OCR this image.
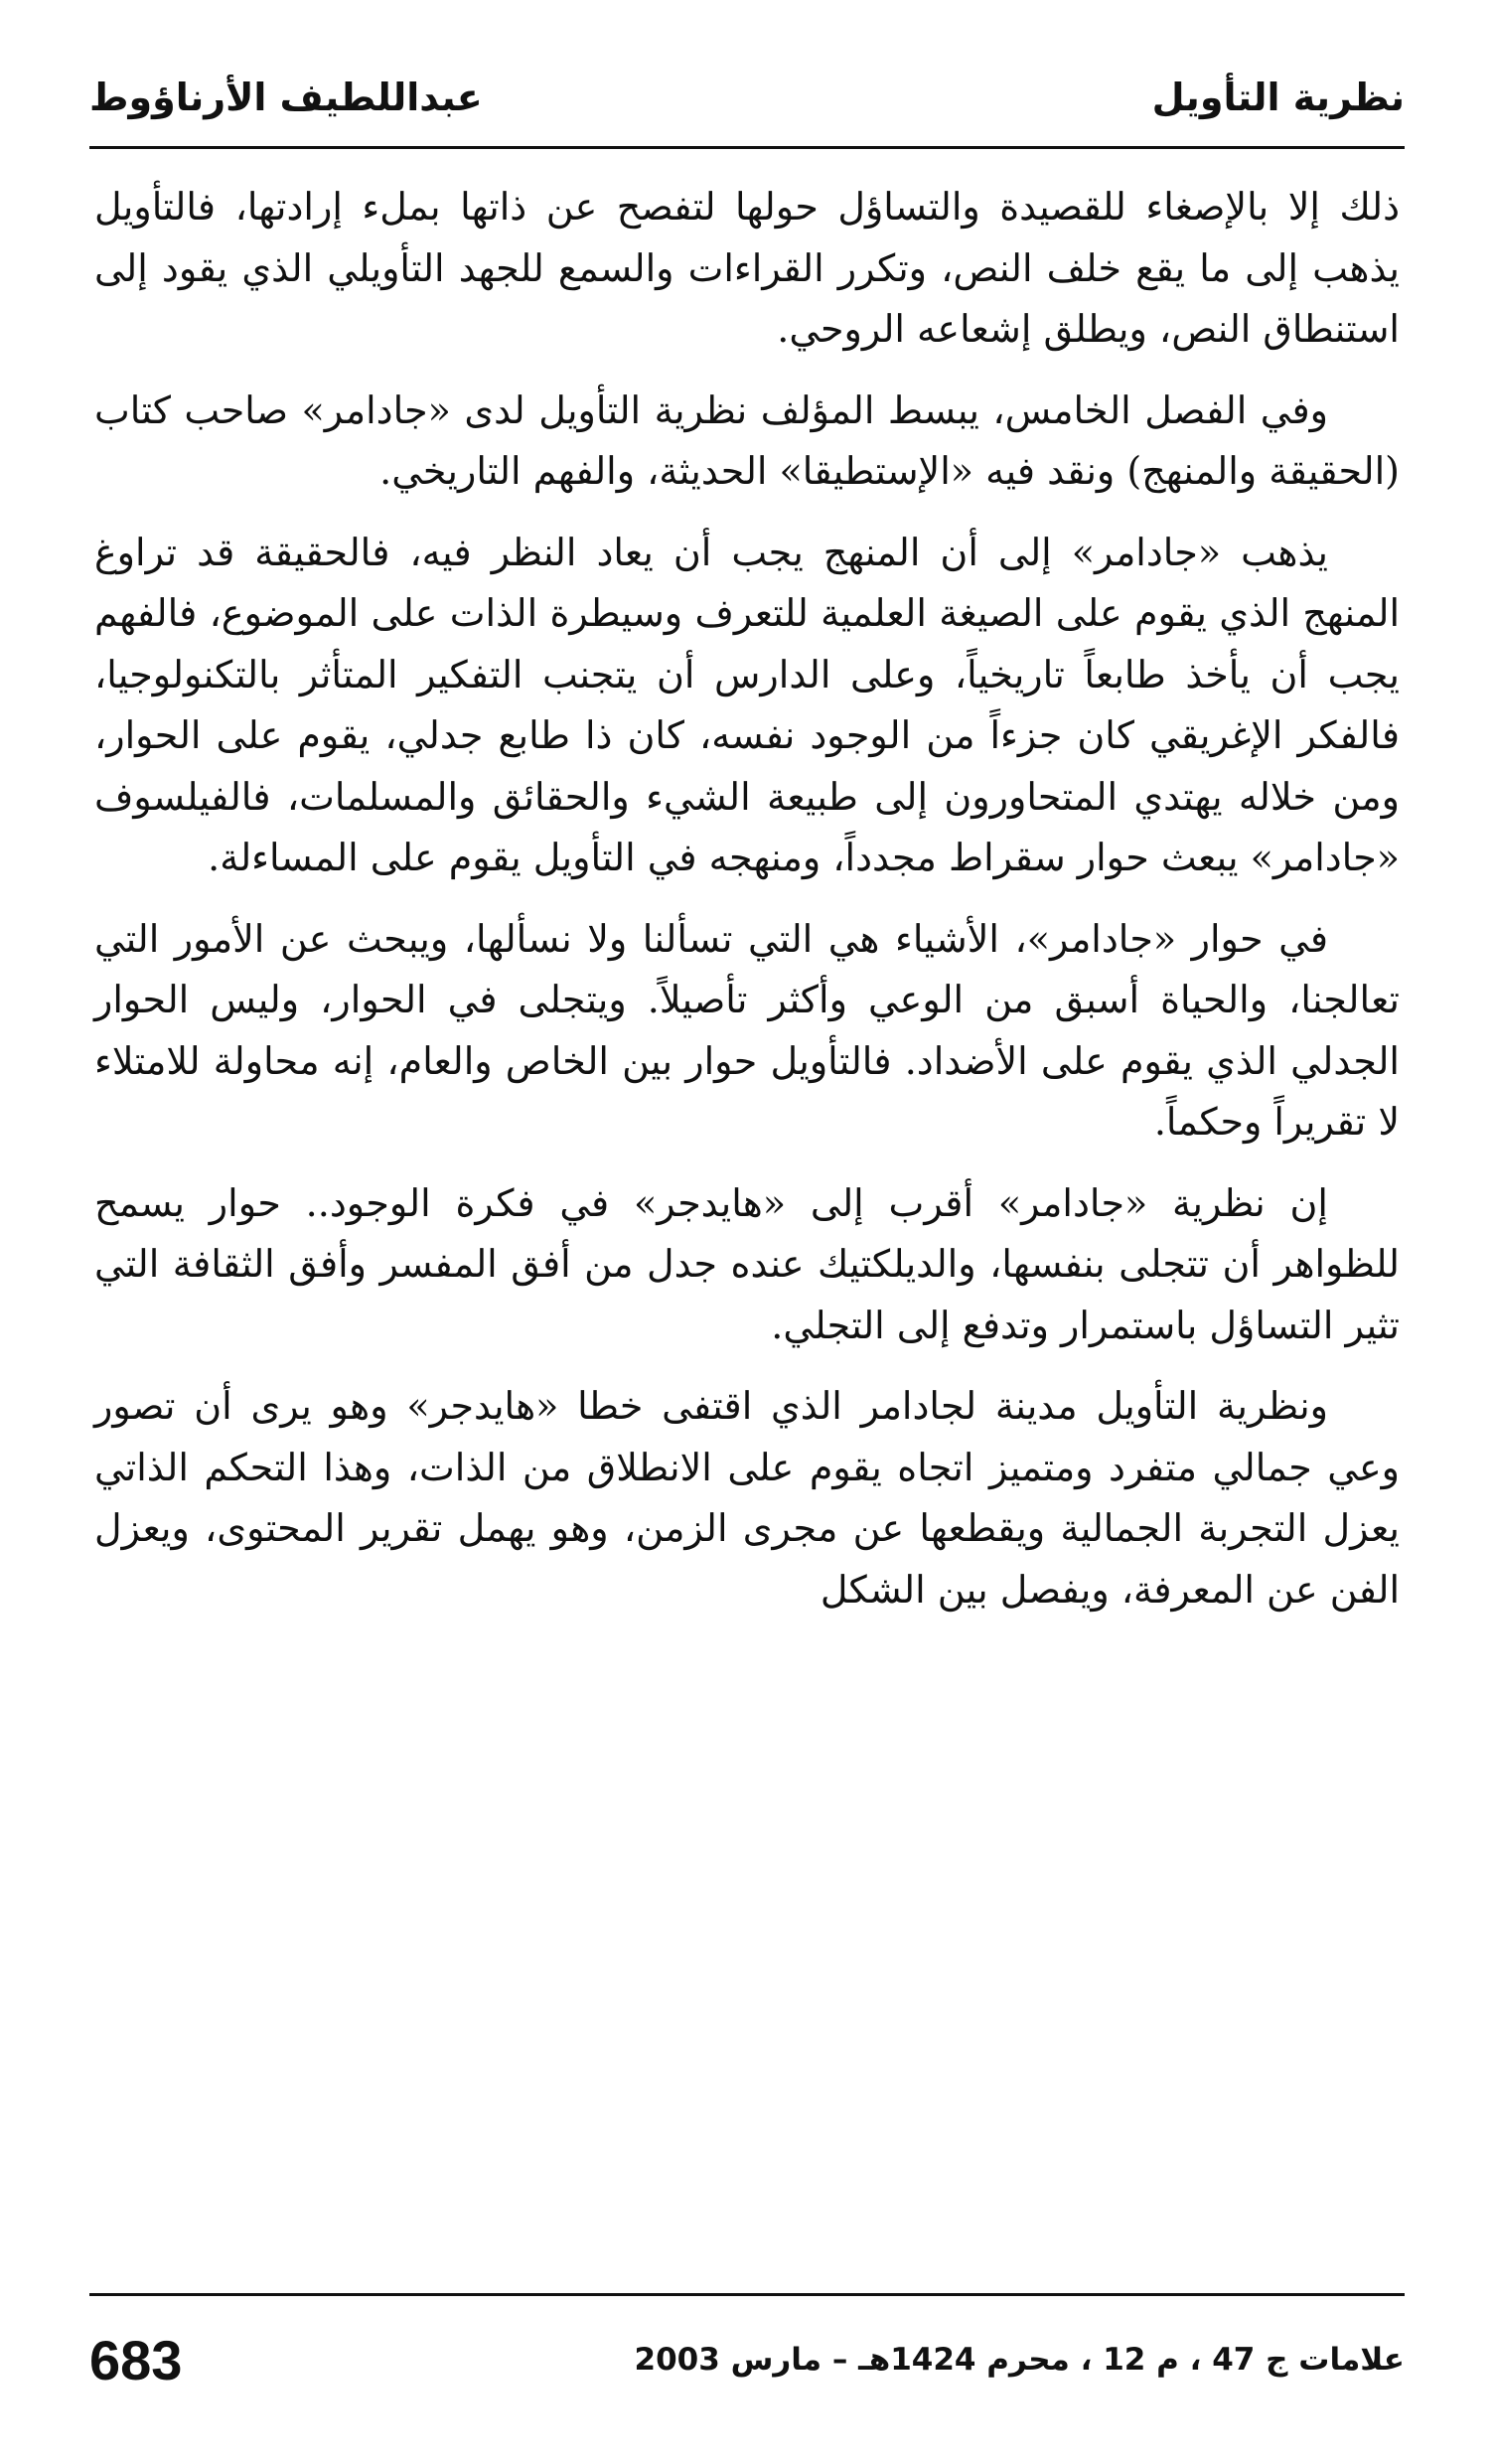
نظرية التأويل
عبداللطيف الأرناؤوط

ذلك إلا بالإصغاء للقصيدة والتساؤل حولها لتفصح عن ذاتها بملء إرادتها، فالتأويل يذهب إلى ما يقع خلف النص، وتكرر القراءات والسمع للجهد التأويلي الذي يقود إلى استنطاق النص، ويطلق إشعاعه الروحي.

وفي الفصل الخامس، يبسط المؤلف نظرية التأويل لدى «جادامر» صاحب كتاب (الحقيقة والمنهج) ونقد فيه «الإستطيقا» الحديثة، والفهم التاريخي.

يذهب «جادامر» إلى أن المنهج يجب أن يعاد النظر فيه، فالحقيقة قد تراوغ المنهج الذي يقوم على الصيغة العلمية للتعرف وسيطرة الذات على الموضوع، فالفهم يجب أن يأخذ طابعاً تاريخياً، وعلى الدارس أن يتجنب التفكير المتأثر بالتكنولوجيا، فالفكر الإغريقي كان جزءاً من الوجود نفسه، كان ذا طابع جدلي، يقوم على الحوار، ومن خلاله يهتدي المتحاورون إلى طبيعة الشيء والحقائق والمسلمات، فالفيلسوف «جادامر» يبعث حوار سقراط مجدداً، ومنهجه في التأويل يقوم على المساءلة.

في حوار «جادامر»، الأشياء هي التي تسألنا ولا نسألها، ويبحث عن الأمور التي تعالجنا، والحياة أسبق من الوعي وأكثر تأصيلاً. ويتجلى في الحوار، وليس الحوار الجدلي الذي يقوم على الأضداد. فالتأويل حوار بين الخاص والعام، إنه محاولة للامتلاء لا تقريراً وحكماً.

إن نظرية «جادامر» أقرب إلى «هايدجر» في فكرة الوجود.. حوار يسمح للظواهر أن تتجلى بنفسها، والديلكتيك عنده جدل من أفق المفسر وأفق الثقافة التي تثير التساؤل باستمرار وتدفع إلى التجلي.

ونظرية التأويل مدينة لجادامر الذي اقتفى خطا «هايدجر» وهو يرى أن تصور وعي جمالي متفرد ومتميز اتجاه يقوم على الانطلاق من الذات، وهذا التحكم الذاتي يعزل التجربة الجمالية ويقطعها عن مجرى الزمن، وهو يهمل تقرير المحتوى، ويعزل الفن عن المعرفة، ويفصل بين الشكل

علامات ج 47 ، م 12 ، محرم 1424هـ – مارس 2003
683
